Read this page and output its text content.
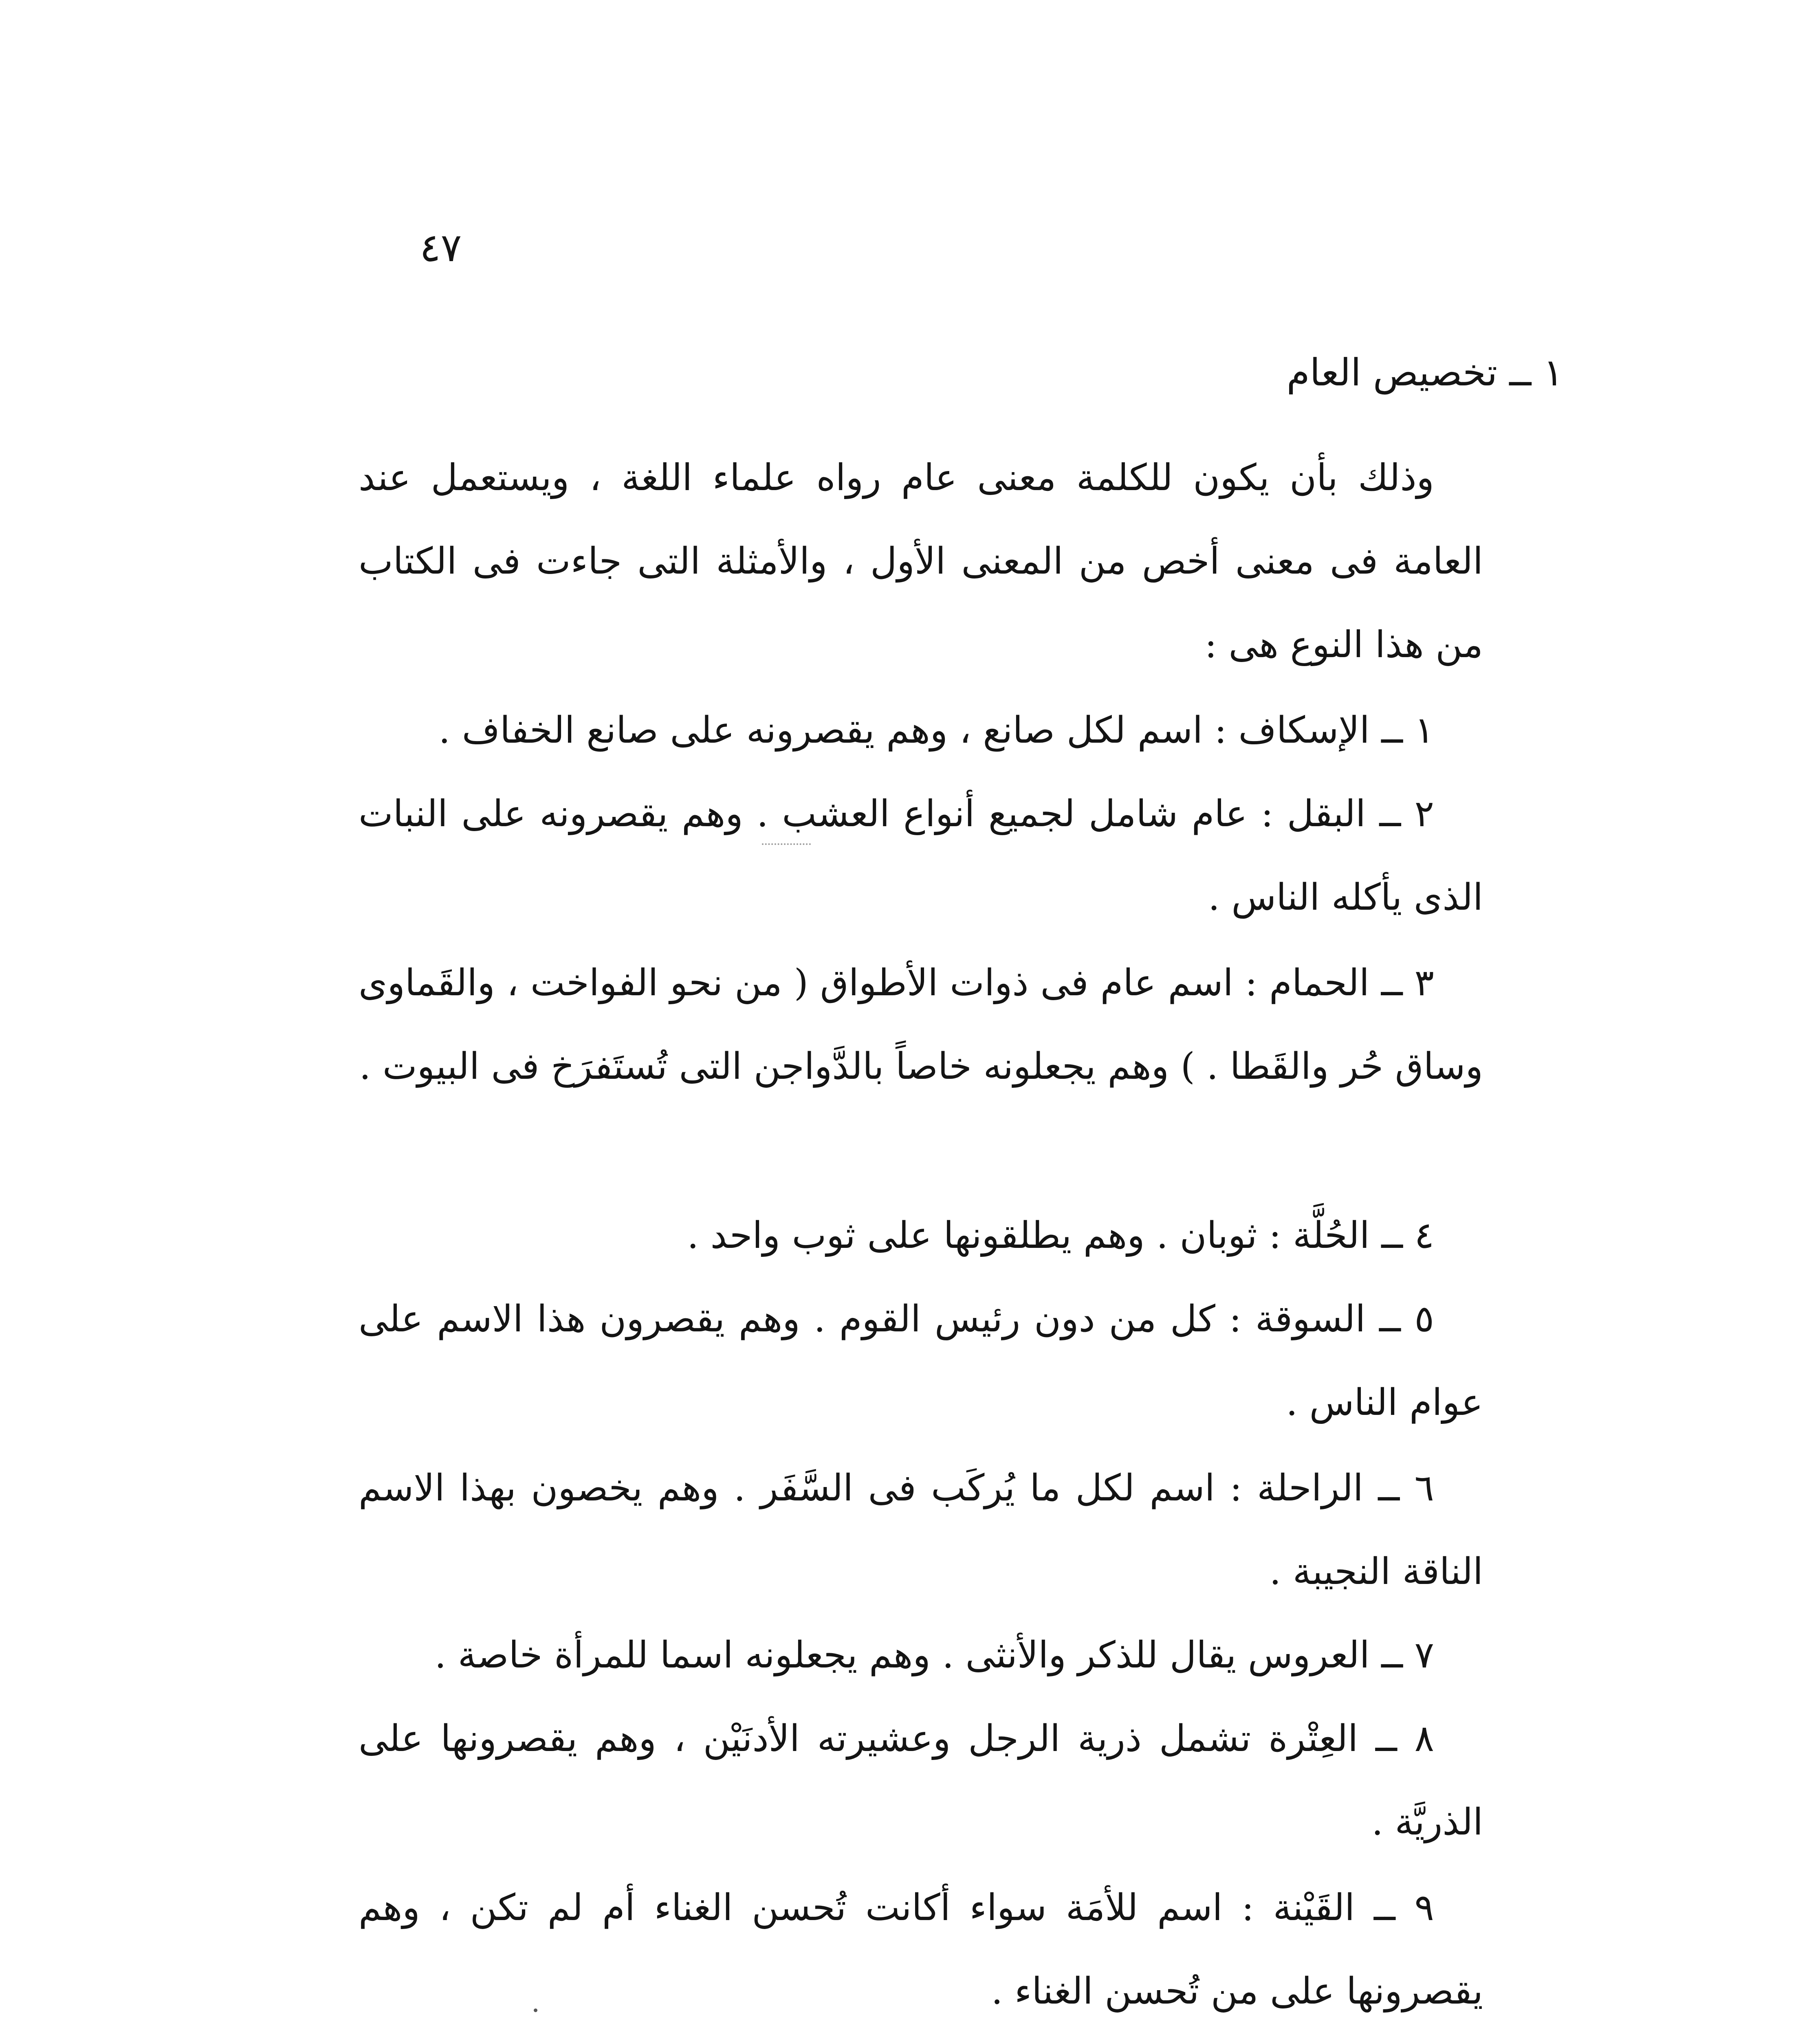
٤٧
١ ــ تخصيص العام

وذلك بأن يكون للكلمة معنى عام رواه علماء اللغة ، ويستعمل عند العامة فى معنى أخص من المعنى الأول ، والأمثلة التى جاءت فى الكتاب من هذا النوع هى :

١ ــ الإسكاف : اسم لكل صانع ، وهم يقصرونه على صانع الخفاف .

٢ ــ البقل : عام شامل لجميع أنواع العشب . وهم يقصرونه على النبات الذى يأكله الناس .

٣ ــ الحمام : اسم عام فى ذوات الأطواق ( من نحو الفواخت ، والقَماوى وساق حُر والقَطا . ) وهم يجعلونه خاصاً بالدَّواجن التى تُستَفرَخ فى البيوت .

٤ ــ الحُلَّة : ثوبان . وهم يطلقونها على ثوب واحد .

٥ ــ السوقة : كل من دون رئيس القوم . وهم يقصرون هذا الاسم على عوام الناس .

٦ ــ الراحلة : اسم لكل ما يُركَب فى السَّفَر . وهم يخصون بهذا الاسم الناقة النجيبة .

٧ ــ العروس يقال للذكر والأنثى . وهم يجعلونه اسما للمرأة خاصة .

٨ ــ العِتْرة تشمل ذرية الرجل وعشيرته الأدنَيْن ، وهم يقصرونها على الذريَّة .

٩ ــ القَيْنة : اسم للأمَة سواء أكانت تُحسن الغناء أم لم تكن ، وهم يقصرونها على من تُحسن الغناء .
